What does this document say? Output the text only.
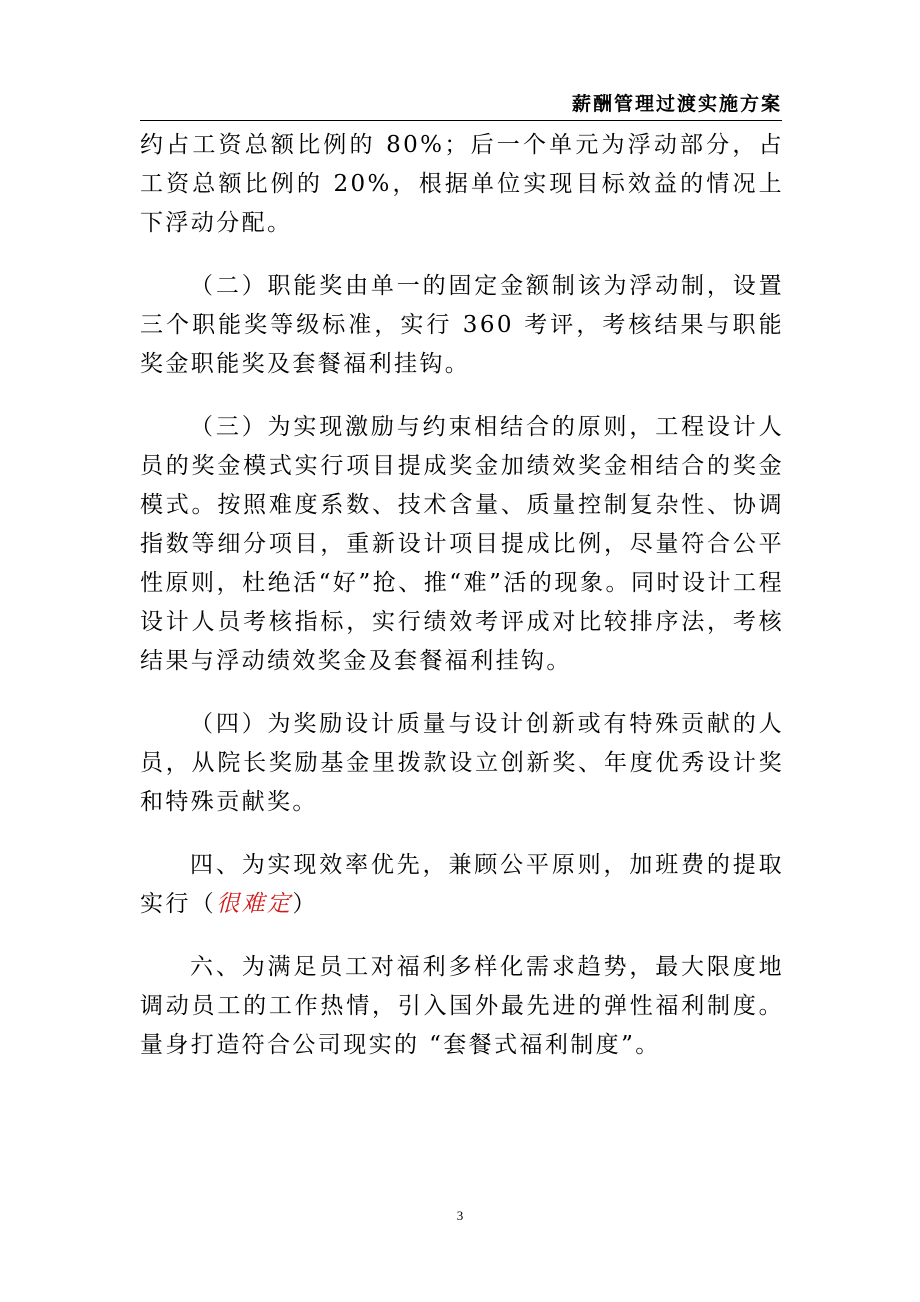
薪酬管理过渡实施方案

约占工资总额比例的 80%；后一个单元为浮动部分，占工资总额比例的 20%，根据单位实现目标效益的情况上下浮动分配。

（二）职能奖由单一的固定金额制该为浮动制，设置三个职能奖等级标准，实行 360 考评，考核结果与职能奖金职能奖及套餐福利挂钩。

（三）为实现激励与约束相结合的原则，工程设计人员的奖金模式实行项目提成奖金加绩效奖金相结合的奖金模式。按照难度系数、技术含量、质量控制复杂性、协调指数等细分项目，重新设计项目提成比例，尽量符合公平性原则，杜绝活“好”抢、推“难”活的现象。同时设计工程设计人员考核指标，实行绩效考评成对比较排序法，考核结果与浮动绩效奖金及套餐福利挂钩。

（四）为奖励设计质量与设计创新或有特殊贡献的人员，从院长奖励基金里拨款设立创新奖、年度优秀设计奖和特殊贡献奖。

四、为实现效率优先，兼顾公平原则，加班费的提取实行（很难定）

六、为满足员工对福利多样化需求趋势，最大限度地调动员工的工作热情，引入国外最先进的弹性福利制度。量身打造符合公司现实的 “套餐式福利制度”。

3
